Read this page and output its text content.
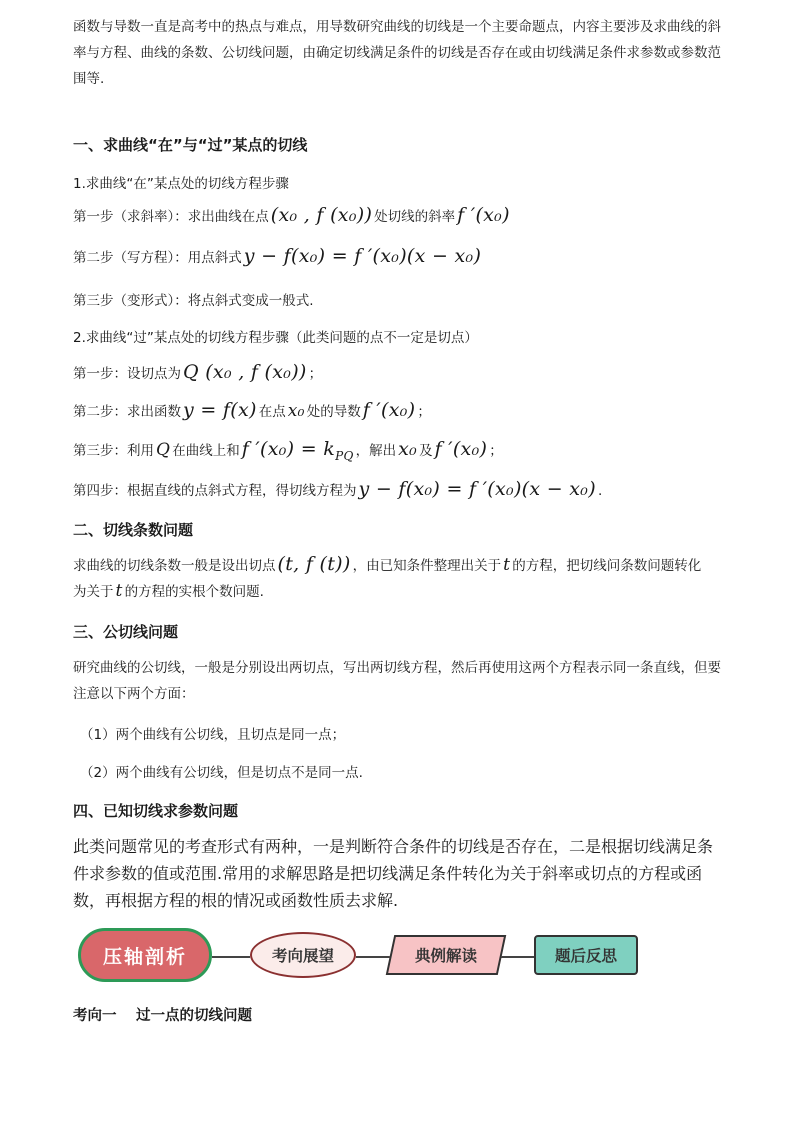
函数与导数一直是高考中的热点与难点，用导数研究曲线的切线是一个主要命题点，内容主要涉及求曲线的斜率与方程、曲线的条数、公切线问题，由确定切线满足条件的切线是否存在或由切线满足条件求参数或参数范围等.

一、求曲线“在”与“过”某点的切线

1.求曲线“在”某点处的切线方程步骤
第一步（求斜率）：求出曲线在点 (x₀ , f (x₀)) 处切线的斜率 f ′(x₀)
第二步（写方程）：用点斜式 y − f(x₀) = f ′(x₀)(x − x₀)
第三步（变形式）：将点斜式变成一般式.
2.求曲线“过”某点处的切线方程步骤（此类问题的点不一定是切点）
第一步：设切点为 Q (x₀ , f (x₀)) ；
第二步：求出函数 y = f(x) 在点 x₀ 处的导数 f ′(x₀) ；
第三步：利用 Q 在曲线上和 f $'(x_0) = k_{PQ}$ ，解出 x₀ 及 f ′(x₀) ；
第四步：根据直线的点斜式方程，得切线方程为 y − f(x₀) = f ′(x₀)(x − x₀) .

二、切线条数问题

求曲线的切线条数一般是设出切点 (t, f (t)) ，由已知条件整理出关于 t 的方程，把切线问条数问题转化
为关于 t 的方程的实根个数问题.

三、公切线问题

研究曲线的公切线，一般是分别设出两切点，写出两切线方程，然后再使用这两个方程表示同一条直线，但要注意以下两个方面：

（1）两个曲线有公切线，且切点是同一点；
（2）两个曲线有公切线，但是切点不是同一点.

四、已知切线求参数问题

此类问题常见的考查形式有两种，一是判断符合条件的切线是否存在，二是根据切线满足条件求参数的值或范围.常用的求解思路是把切线满足条件转化为关于斜率或切点的方程或函数，再根据方程的根的情况或函数性质去求解.

压轴剖析	考向展望	典例解读	题后反思

考向一　 过一点的切线问题
